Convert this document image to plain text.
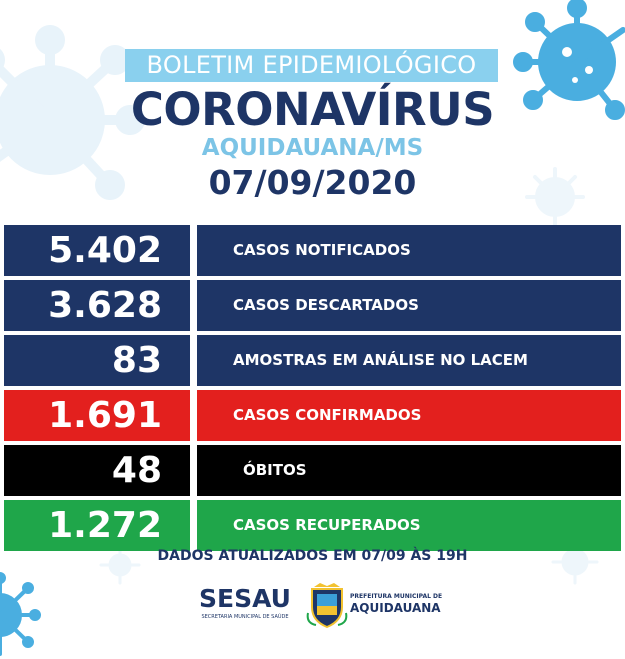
BOLETIM EPIDEMIOLÓGICO
CORONAVÍRUS
AQUIDAUANA/MS
07/09/2020
5.402	CASOS NOTIFICADOS
3.628	CASOS DESCARTADOS
83	AMOSTRAS EM ANÁLISE NO LACEM
1.691	CASOS CONFIRMADOS
48	ÓBITOS
1.272	CASOS RECUPERADOS
DADOS ATUALIZADOS EM 07/09 ÀS 19H
SESAU
SECRETARIA MUNICIPAL DE SAÚDE
PREFEITURA MUNICIPAL DE
AQUIDAUANA
